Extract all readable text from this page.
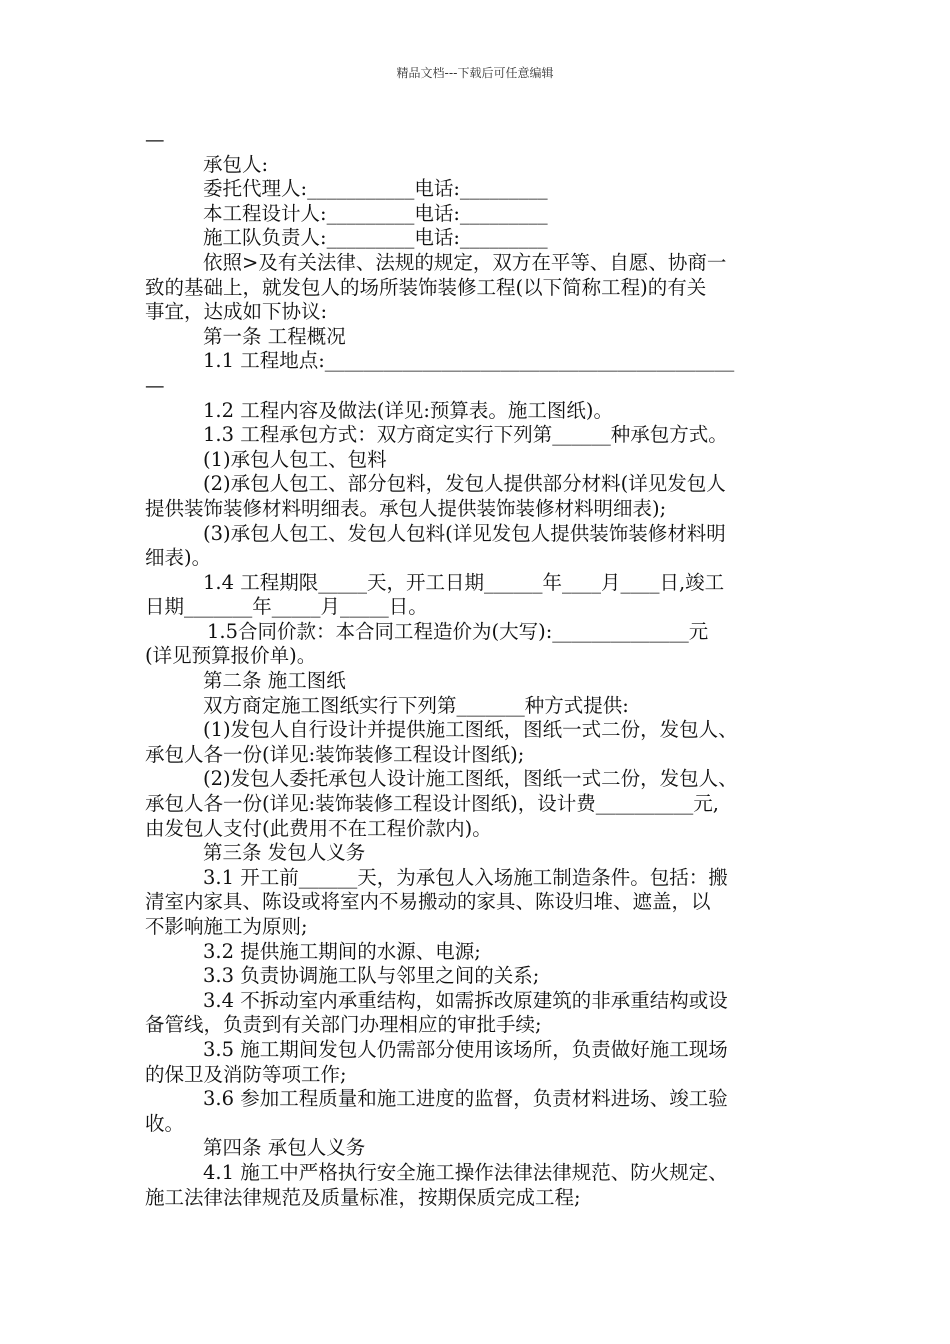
精品文档---下载后可任意编辑
—
承包人:
委托代理人:___________电话:_________
本工程设计人:_________电话:_________
施工队负责人:_________电话:_________
依照>及有关法律、法规的规定，双方在平等、自愿、协商一
致的基础上，就发包人的场所装饰装修工程(以下简称工程)的有关
事宜，达成如下协议:
第一条 工程概况
1.1 工程地点:__________________________________________
—
1.2 工程内容及做法(详见:预算表。施工图纸)。
1.3 工程承包方式：双方商定实行下列第______种承包方式。
(1)承包人包工、包料
(2)承包人包工、部分包料，发包人提供部分材料(详见发包人
提供装饰装修材料明细表。承包人提供装饰装修材料明细表);
(3)承包人包工、发包人包料(详见发包人提供装饰装修材料明
细表)。
1.4 工程期限_____天，开工日期______年____月____日,竣工
日期_______年_____月_____日。
1.5合同价款：本合同工程造价为(大写):______________元
(详见预算报价单)。
第二条 施工图纸
双方商定施工图纸实行下列第_______种方式提供:
(1)发包人自行设计并提供施工图纸，图纸一式二份，发包人、
承包人各一份(详见:装饰装修工程设计图纸);
(2)发包人委托承包人设计施工图纸，图纸一式二份，发包人、
承包人各一份(详见:装饰装修工程设计图纸)，设计费__________元,
由发包人支付(此费用不在工程价款内)。
第三条 发包人义务
3.1 开工前______天，为承包人入场施工制造条件。包括：搬
清室内家具、陈设或将室内不易搬动的家具、陈设归堆、遮盖，以
不影响施工为原则;
3.2 提供施工期间的水源、电源;
3.3 负责协调施工队与邻里之间的关系;
3.4 不拆动室内承重结构，如需拆改原建筑的非承重结构或设
备管线，负责到有关部门办理相应的审批手续;
3.5 施工期间发包人仍需部分使用该场所，负责做好施工现场
的保卫及消防等项工作;
3.6 参加工程质量和施工进度的监督，负责材料进场、竣工验
收。
第四条 承包人义务
4.1 施工中严格执行安全施工操作法律法律规范、防火规定、
施工法律法律规范及质量标准，按期保质完成工程;
